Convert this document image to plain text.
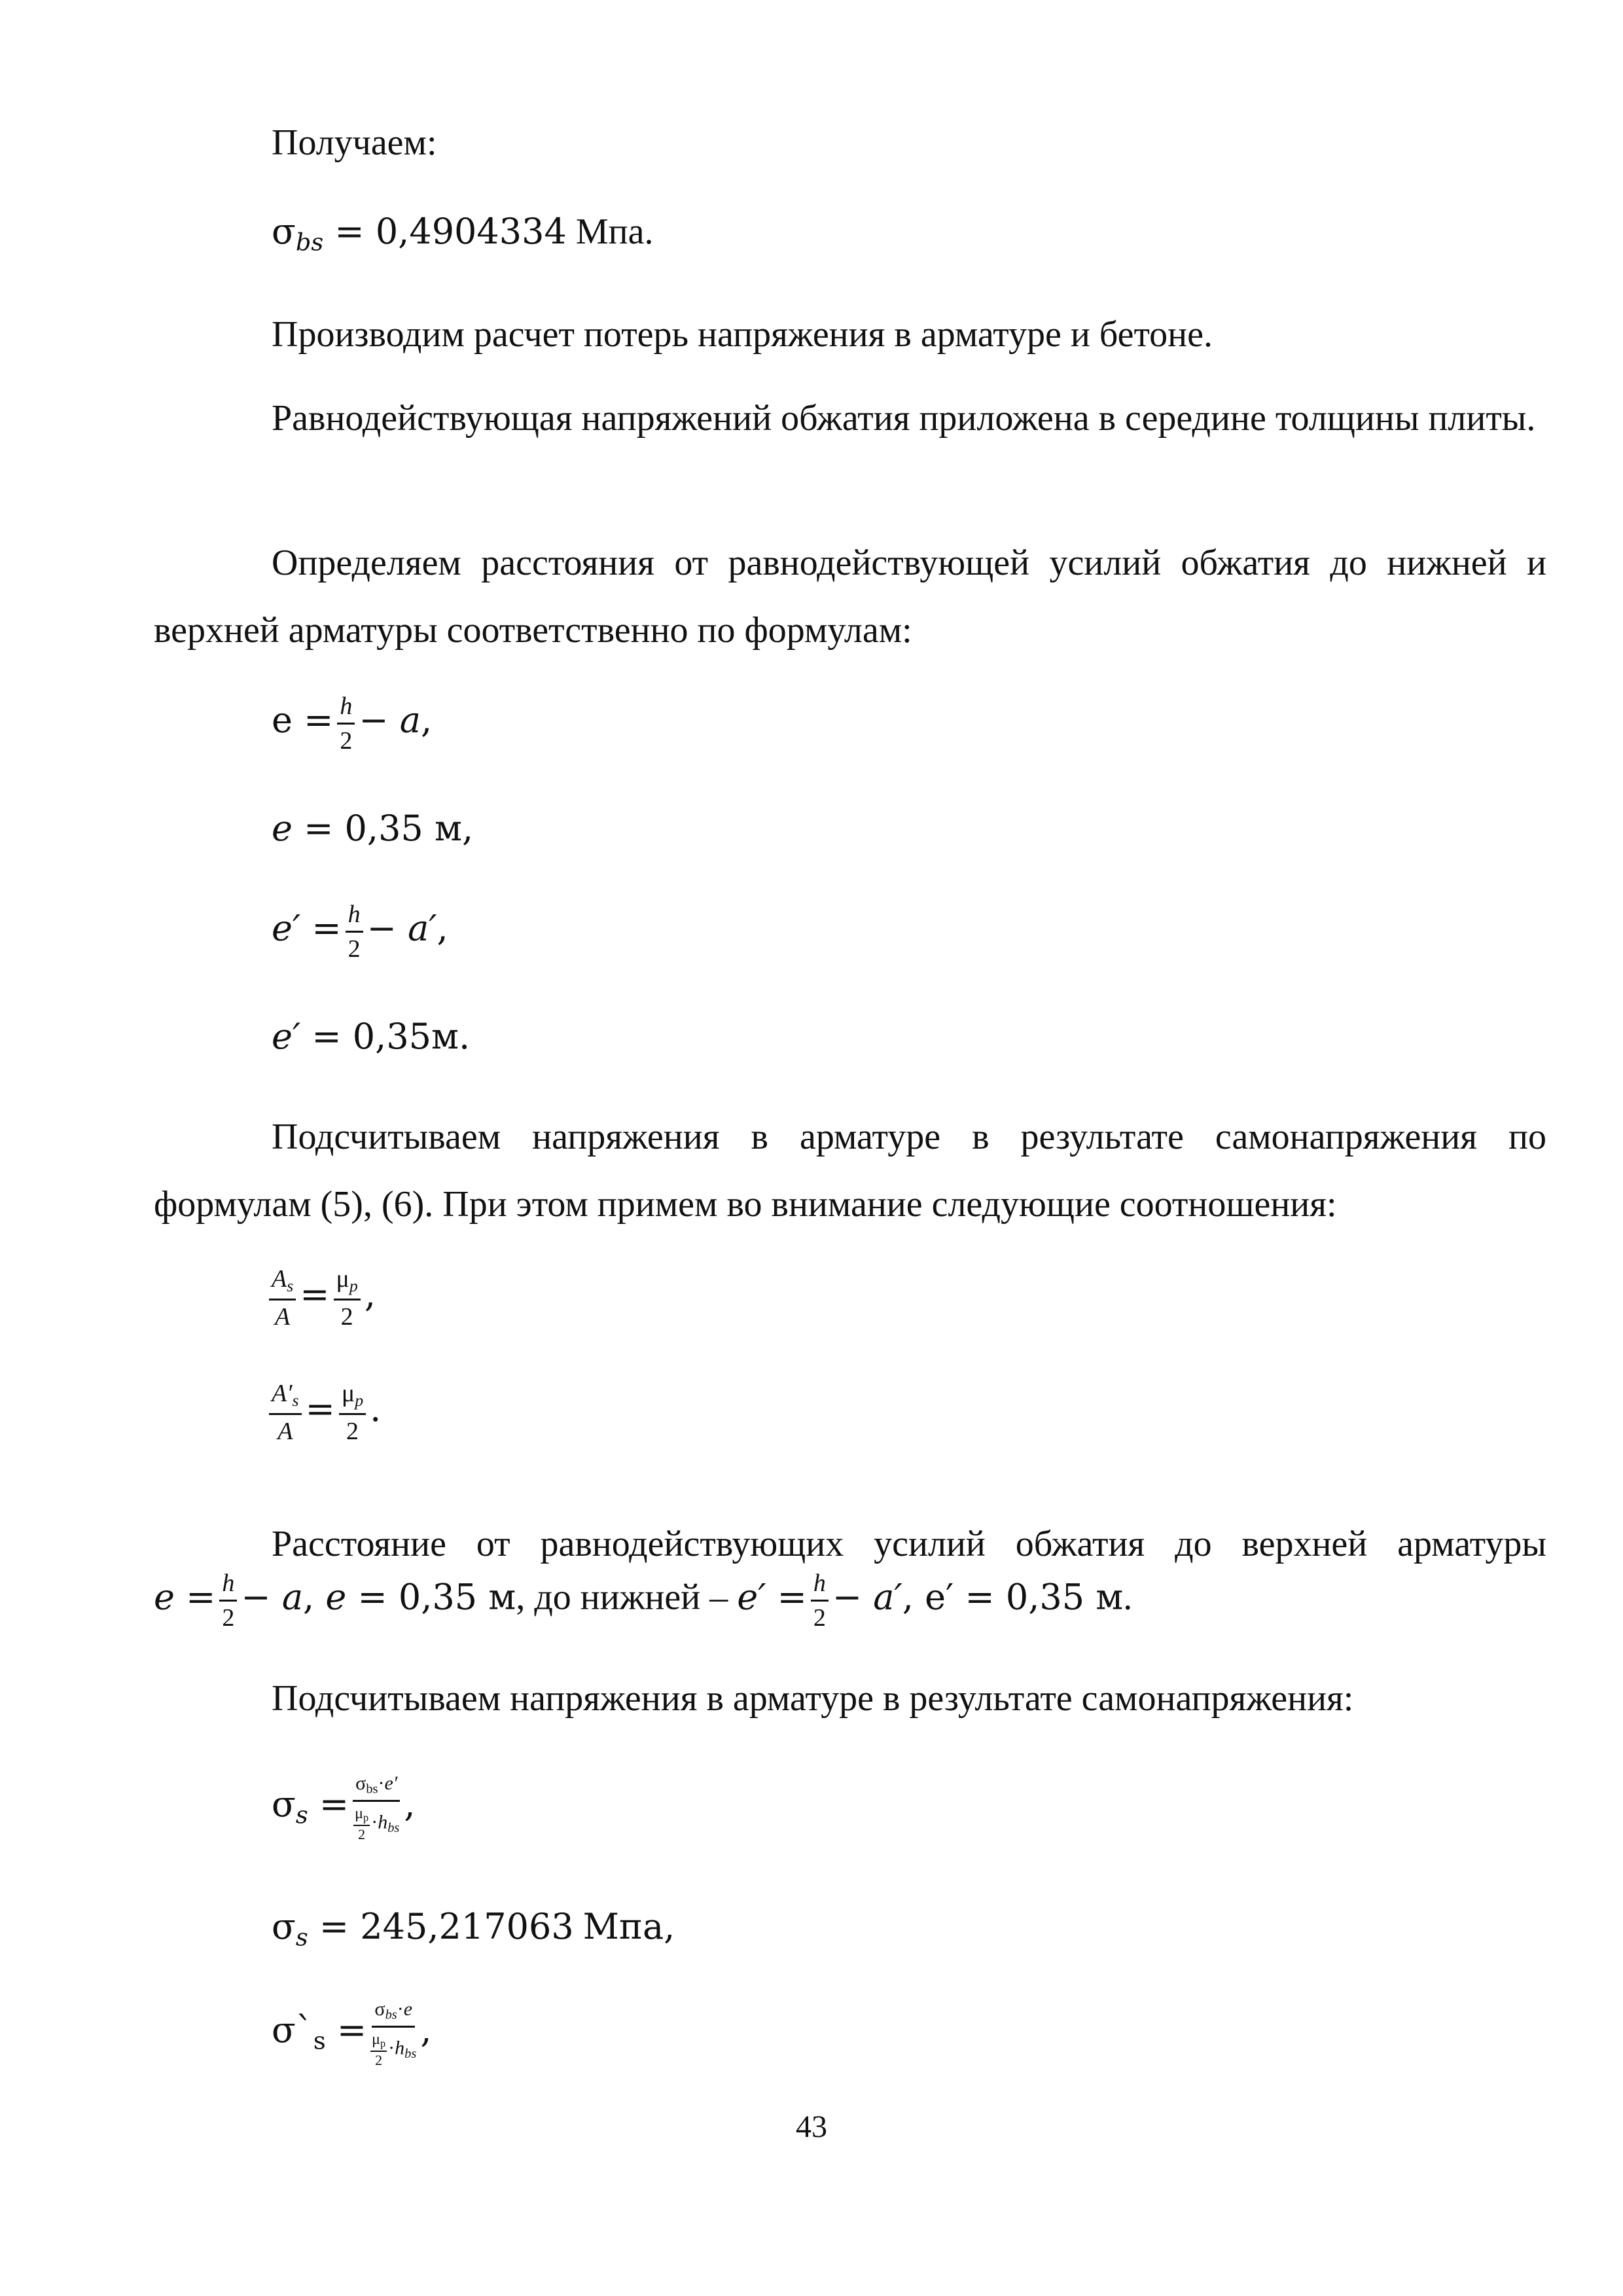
Получаем:
$\sigma_{bs} = 0,4904334$ Мпа.
Производим расчет потерь напряжения в арматуре и бетоне.
Равнодействующая напряжений обжатия приложена в середине толщины плиты.
Определяем расстояния от равнодействующей усилий обжатия до нижней и верхней арматуры соответственно по формулам:
$e = \frac{h}{2} - a$,
e = 0,35 м,
$e' = \frac{h}{2} - a'$,
e′ = 0,35м.
Подсчитываем напряжения в арматуре в результате самонапряжения по формулам (5), (6). При этом примем во внимание следующие соотношения:
$\frac{A_s}{A} = \frac{\mu_p}{2}$ ,
$\frac{A'_s}{A} = \frac{\mu_p}{2}$ .
Расстояние от равнодействующих усилий обжатия до верхней арматуры
$e = \frac{h}{2} - a$, e = 0,35 м, до нижней – $e' = \frac{h}{2} - a'$, e′ = 0,35 м.
Подсчитываем напряжения в арматуре в результате самонапряжения:
$\sigma_s = \frac{\text{σbs·e′}}{\frac{\mu p}{2} \cdot h_{bs}}$ ,
$\sigma_s = 245,217063$ Мпа,
σ`s = $\frac{\sigma_{bs}\cdot e}{\frac{\mu p}{2} \cdot h_{bs}}$ ,
43
